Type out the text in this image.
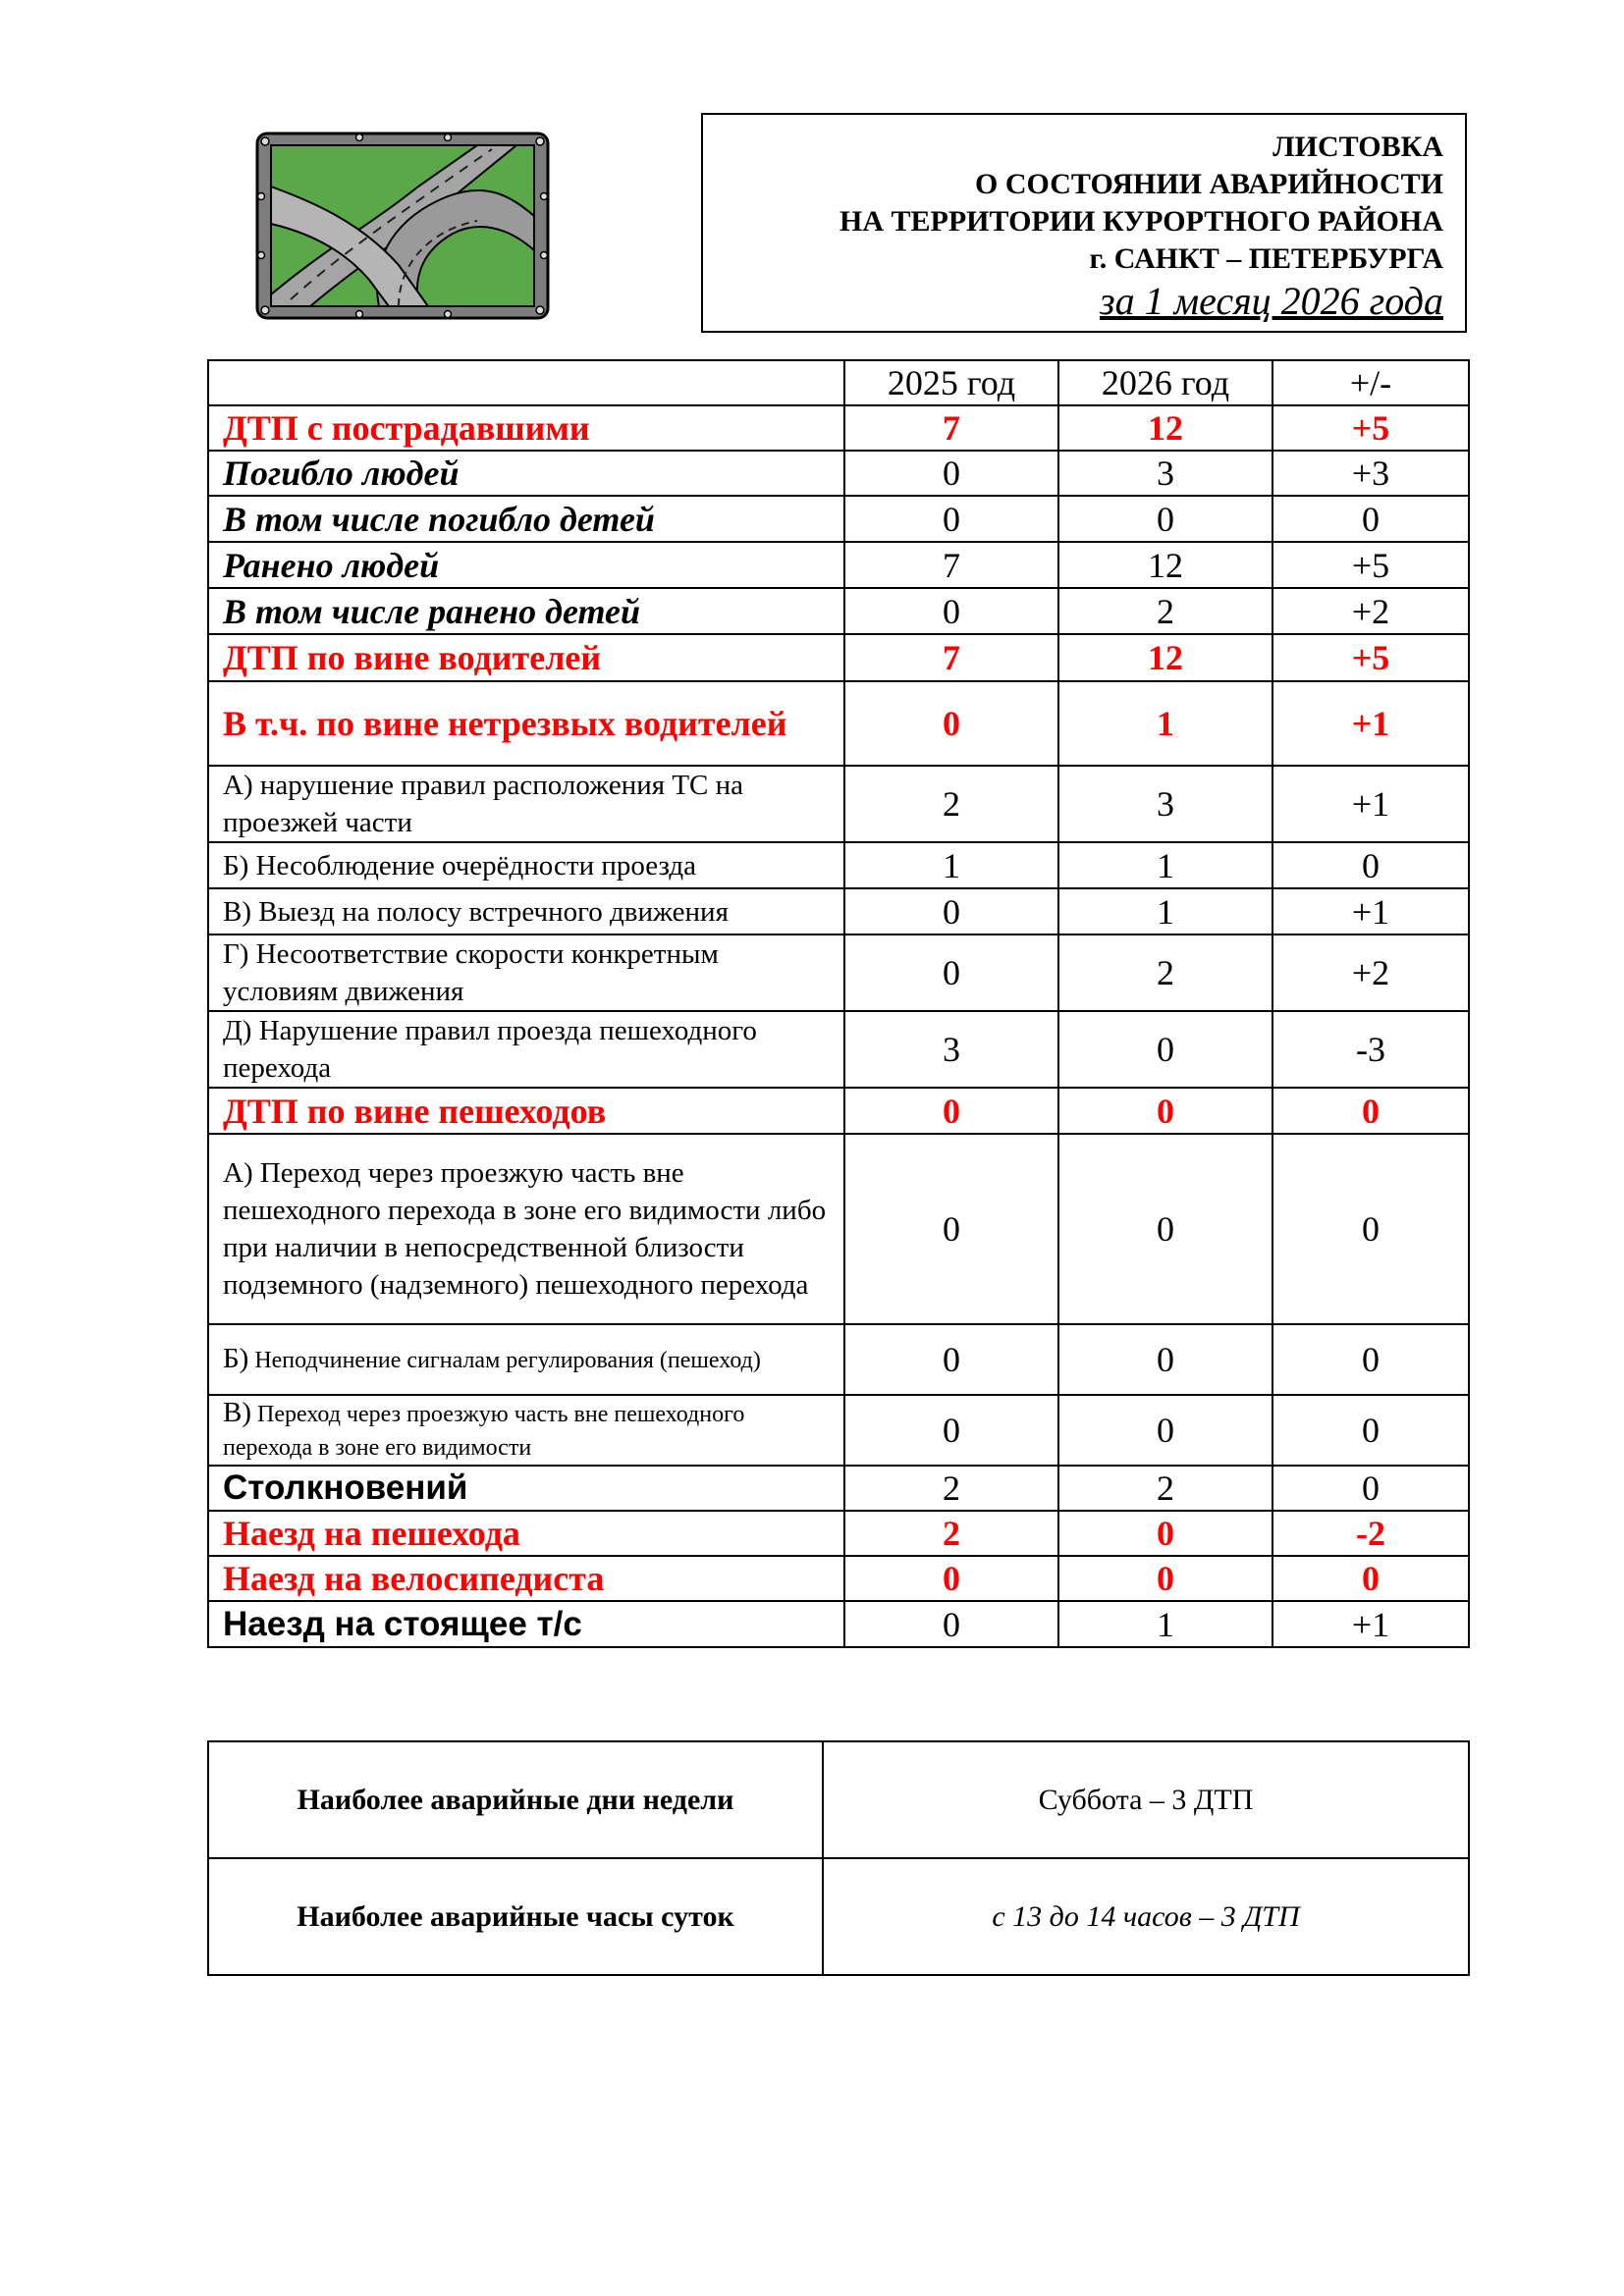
ЛИСТОВКА
О СОСТОЯНИИ АВАРИЙНОСТИ
НА ТЕРРИТОРИИ КУРОРТНОГО РАЙОНА
г. САНКТ – ПЕТЕРБУРГА
за 1 месяц 2026 года
	2025 год	2026 год	+/-
ДТП с пострадавшими	7	12	+5
Погибло людей	0	3	+3
В том числе погибло детей	0	0	0
Ранено людей	7	12	+5
В том числе ранено детей	0	2	+2
ДТП по вине водителей	7	12	+5
В т.ч. по вине нетрезвых водителей	0	1	+1
А) нарушение правил расположения ТС на проезжей части	2	3	+1
Б) Несоблюдение очерёдности проезда	1	1	0
В) Выезд на полосу встречного движения	0	1	+1
Г) Несоответствие скорости конкретным условиям движения	0	2	+2
Д) Нарушение правил проезда пешеходного перехода	3	0	-3
ДТП по вине пешеходов	0	0	0
А) Переход через проезжую часть вне пешеходного перехода в зоне его видимости либо при наличии в непосредственной близости подземного (надземного) пешеходного перехода	0	0	0
Б) Неподчинение сигналам регулирования (пешеход)	0	0	0
В) Переход через проезжую часть вне пешеходного перехода в зоне его видимости	0	0	0
Столкновений	2	2	0
Наезд на пешехода	2	0	-2
Наезд на велосипедиста	0	0	0
Наезд на стоящее т/с	0	1	+1
Наиболее аварийные дни недели	Суббота – 3 ДТП
Наиболее аварийные часы суток	с 13 до 14 часов – 3 ДТП
